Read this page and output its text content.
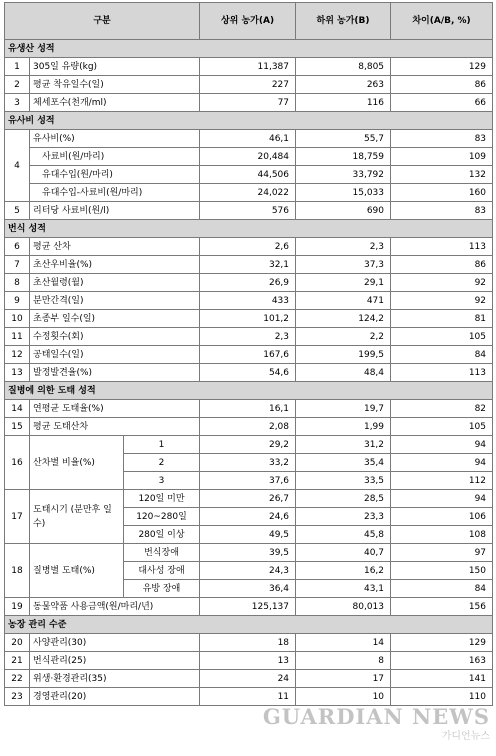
구분			상위 농가(A)	하위 농가(B)	차이(A/B, %)
유생산 성적					
1	305일 유량(kg)		11,387	8,805	129
2	평균 착유일수(일)		227	263	86
3	체세포수(천개/ml)		77	116	66
유사비 성적					
4	유사비(%)		46,1	55,7	83
	사료비(원/마리)		20,484	18,759	109
	유대수입(원/마리)		44,506	33,792	132
	유대수입-사료비(원/마리)		24,022	15,033	160
5	리터당 사료비(원/l)		576	690	83
번식 성적					
6	평균 산차		2,6	2,3	113
7	초산우비율(%)		32,1	37,3	86
8	초산월령(월)		26,9	29,1	92
9	분만간격(일)		433	471	92
10	초종부 일수(일)		101,2	124,2	81
11	수정횟수(회)		2,3	2,2	105
12	공태일수(일)		167,6	199,5	84
13	발정발견율(%)		54,6	48,4	113
질병에 의한 도태 성적					
14	연평균 도태율(%)		16,1	19,7	82
15	평균 도태산차		2,08	1,99	105
16	산차별 비율(%)	1	29,2	31,2	94
		2	33,2	35,4	94
		3	37,6	33,5	112
17	도태시기 (분만후 일수)	120일 미만	26,7	28,5	94
		120~280일	24,6	23,3	106
		280일 이상	49,5	45,8	108
18	질병별 도태(%)	번식장애	39,5	40,7	97
		대사성 장애	24,3	16,2	150
		유방 장애	36,4	43,1	84
19	동물약품 사용금액(원/마리/년)		125,137	80,013	156
농장 관리 수준					
20	사양관리(30)		18	14	129
21	번식관리(25)		13	8	163
22	위생·환경관리(35)		24	17	141
23	경영관리(20)		11	10	110
GUARDIAN NEWS
가디언뉴스
